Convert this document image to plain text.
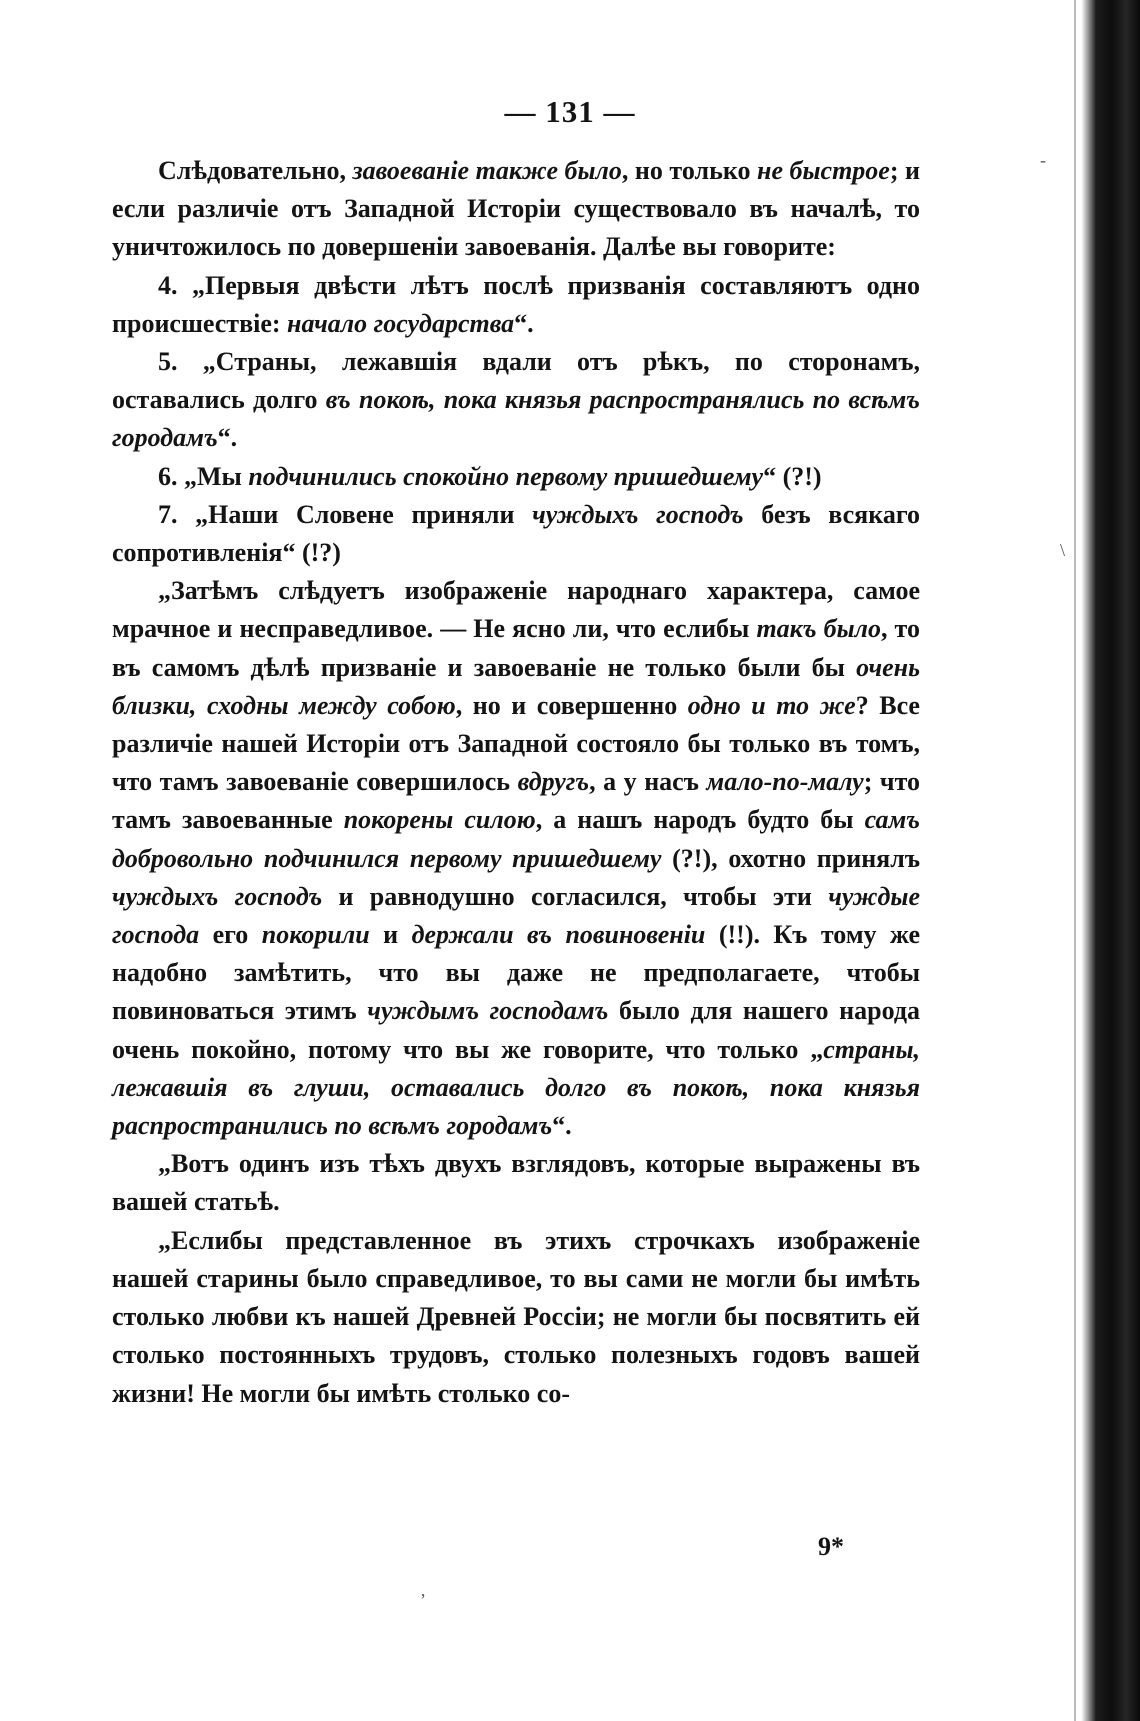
— 131 —

Слѣдовательно, завоеваніе также было, но только не быстрое; и если различіе отъ Западной Исторіи существовало въ началѣ, то уничтожилось по довершеніи завоеванія. Далѣе вы говорите:

4. „Первыя двѣсти лѣтъ послѣ призванія составляютъ одно происшествіе: начало государства“.

5. „Страны, лежавшія вдали отъ рѣкъ, по сторонамъ, оставались долго въ покоѣ, пока князья распространялись по всѣмъ городамъ“.

6. „Мы подчинились спокойно первому пришедшему“ (?!)

7. „Наши Словене приняли чуждыхъ господъ безъ всякаго сопротивленія“ (!?)

„Затѣмъ слѣдуетъ изображеніе народнаго характера, самое мрачное и несправедливое. — Не ясно ли, что еслибы такъ было, то въ самомъ дѣлѣ призваніе и завоеваніе не только были бы очень близки, сходны между собою, но и совершенно одно и то же? Все различіе нашей Исторіи отъ Западной состояло бы только въ томъ, что тамъ завоеваніе совершилось вдругъ, а у насъ мало-по-малу; что тамъ завоеванные покорены силою, а нашъ народъ будто бы самъ добровольно подчинился первому пришедшему (?!), охотно принялъ чуждыхъ господъ и равнодушно согласился, чтобы эти чуждые господа его покорили и держали въ повиновеніи (!!). Къ тому же надобно замѣтить, что вы даже не предполагаете, чтобы повиноваться этимъ чуждымъ господамъ было для нашего народа очень покойно, потому что вы же говорите, что только „страны, лежавшія въ глуши, оставались долго въ покоѣ, пока князья распространились по всѣмъ городамъ“.

„Вотъ одинъ изъ тѣхъ двухъ взглядовъ, которые выражены въ вашей статьѣ.

„Еслибы представленное въ этихъ строчкахъ изображеніе нашей старины было справедливое, то вы сами не могли бы имѣть столько любви къ нашей Древней Россіи; не могли бы посвятить ей столько постоянныхъ трудовъ, столько полезныхъ годовъ вашей жизни! Не могли бы имѣть столько со-

9*
-
\
‚
